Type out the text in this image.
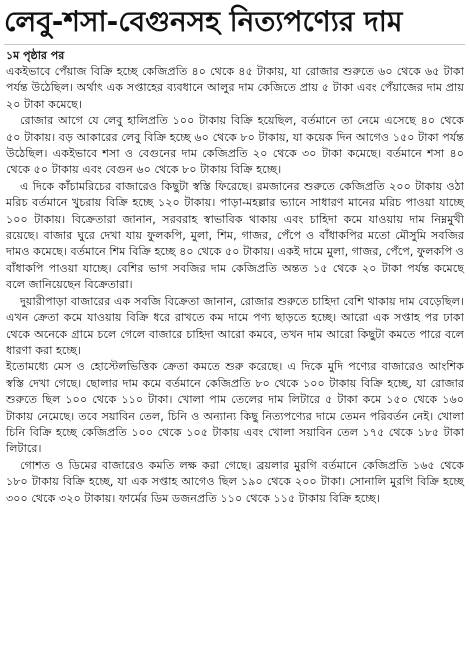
লেবু-শসা-বেগুনসহ নিত্যপণ্যের দাম
১ম পৃষ্ঠার পর

একইভাবে পেঁয়াজ বিক্রি হচ্ছে কেজিপ্রতি ৪০ থেকে ৪৫ টাকায়, যা রোজার শুরুতে ৬০ থেকে ৬৫ টাকা পর্যন্ত উঠেছিল। অর্থাৎ এক সপ্তাহের ব্যবধানে আলুর দাম কেজিতে প্রায় ৫ টাকা এবং পেঁয়াজের দাম প্রায় ২০ টাকা কমেছে।

রোজার আগে যে লেবু হালিপ্রতি ১০০ টাকায় বিক্রি হয়েছিল, বর্তমানে তা নেমে এসেছে ৪০ থেকে ৫০ টাকায়। বড় আকারের লেবু বিক্রি হচ্ছে ৬০ থেকে ৮০ টাকায়, যা কয়েক দিন আগেও ১৫০ টাকা পর্যন্ত উঠেছিল। একইভাবে শসা ও বেগুনের দাম কেজিপ্রতি ২০ থেকে ৩০ টাকা কমেছে। বর্তমানে শসা ৪০ থেকে ৫০ টাকায় এবং বেগুন ৬০ থেকে ৮০ টাকায় বিক্রি হচ্ছে।

এ দিকে কাঁচামরিচের বাজারেও কিছুটা স্বস্তি ফিরেছে। রমজানের শুরুতে কেজিপ্রতি ২০০ টাকায় ওঠা মরিচ বর্তমানে খুচরায় বিক্রি হচ্ছে ১২০ টাকায়। পাড়া-মহল্লার ভ্যানে সাধারণ মানের মরিচ পাওয়া যাচ্ছে ১০০ টাকায়। বিক্রেতারা জানান, সরবরাহ স্বাভাবিক থাকায় এবং চাহিদা কমে যাওয়ায় দাম নিম্নমুখী রয়েছে। বাজার ঘুরে দেখা যায় ফুলকপি, মুলা, শিম, গাজর, পেঁপে ও বাঁধাকপির মতো মৌসুমি সবজির দামও কমেছে। বর্তমানে শিম বিক্রি হচ্ছে ৪০ থেকে ৫০ টাকায়। একই দামে মুলা, গাজর, পেঁপে, ফুলকপি ও বাঁধাকপি পাওয়া যাচ্ছে। বেশির ভাগ সবজির দাম কেজিপ্রতি অন্তত ১৫ থেকে ২০ টাকা পর্যন্ত কমেছে বলে জানিয়েছেন বিক্রেতারা।

দুয়ারীপাড়া বাজারের এক সবজি বিক্রেতা জানান, রোজার শুরুতে চাহিদা বেশি থাকায় দাম বেড়েছিল। এখন ক্রেতা কমে যাওয়ায় বিক্রি ধরে রাখতে কম দামে পণ্য ছাড়তে হচ্ছে। আরো এক সপ্তাহ পর ঢাকা থেকে অনেকে গ্রামে চলে গেলে বাজারে চাহিদা আরো কমবে, তখন দাম আরো কিছুটা কমতে পারে বলে ধারণা করা হচ্ছে।

ইতোমধ্যে মেস ও হোস্টেলভিত্তিক ক্রেতা কমতে শুরু করেছে। এ দিকে মুদি পণ্যের বাজারেও আংশিক স্বস্তি দেখা গেছে। ছোলার দাম কমে বর্তমানে কেজিপ্রতি ৮০ থেকে ১০০ টাকায় বিক্রি হচ্ছে, যা রোজার শুরুতে ছিল ১০০ থেকে ১১০ টাকা। খোলা পাম তেলের দাম লিটারে ৫ টাকা কমে ১৫০ থেকে ১৬০ টাকায় নেমেছে। তবে সয়াবিন তেল, চিনি ও অন্যান্য কিছু নিত্যপণ্যের দামে তেমন পরিবর্তন নেই। খোলা চিনি বিক্রি হচ্ছে কেজিপ্রতি ১০০ থেকে ১০৫ টাকায় এবং খোলা সয়াবিন তেল ১৭৫ থেকে ১৮৫ টাকা লিটারে।

গোশত ও ডিমের বাজারেও কমতি লক্ষ করা গেছে। ব্রয়লার মুরগি বর্তমানে কেজিপ্রতি ১৬৫ থেকে ১৮০ টাকায় বিক্রি হচ্ছে, যা এক সপ্তাহ আগেও ছিল ১৯০ থেকে ২০০ টাকা। সোনালি মুরগি বিক্রি হচ্ছে ৩০০ থেকে ৩২০ টাকায়। ফার্মের ডিম ডজনপ্রতি ১১০ থেকে ১১৫ টাকায় বিক্রি হচ্ছে।
